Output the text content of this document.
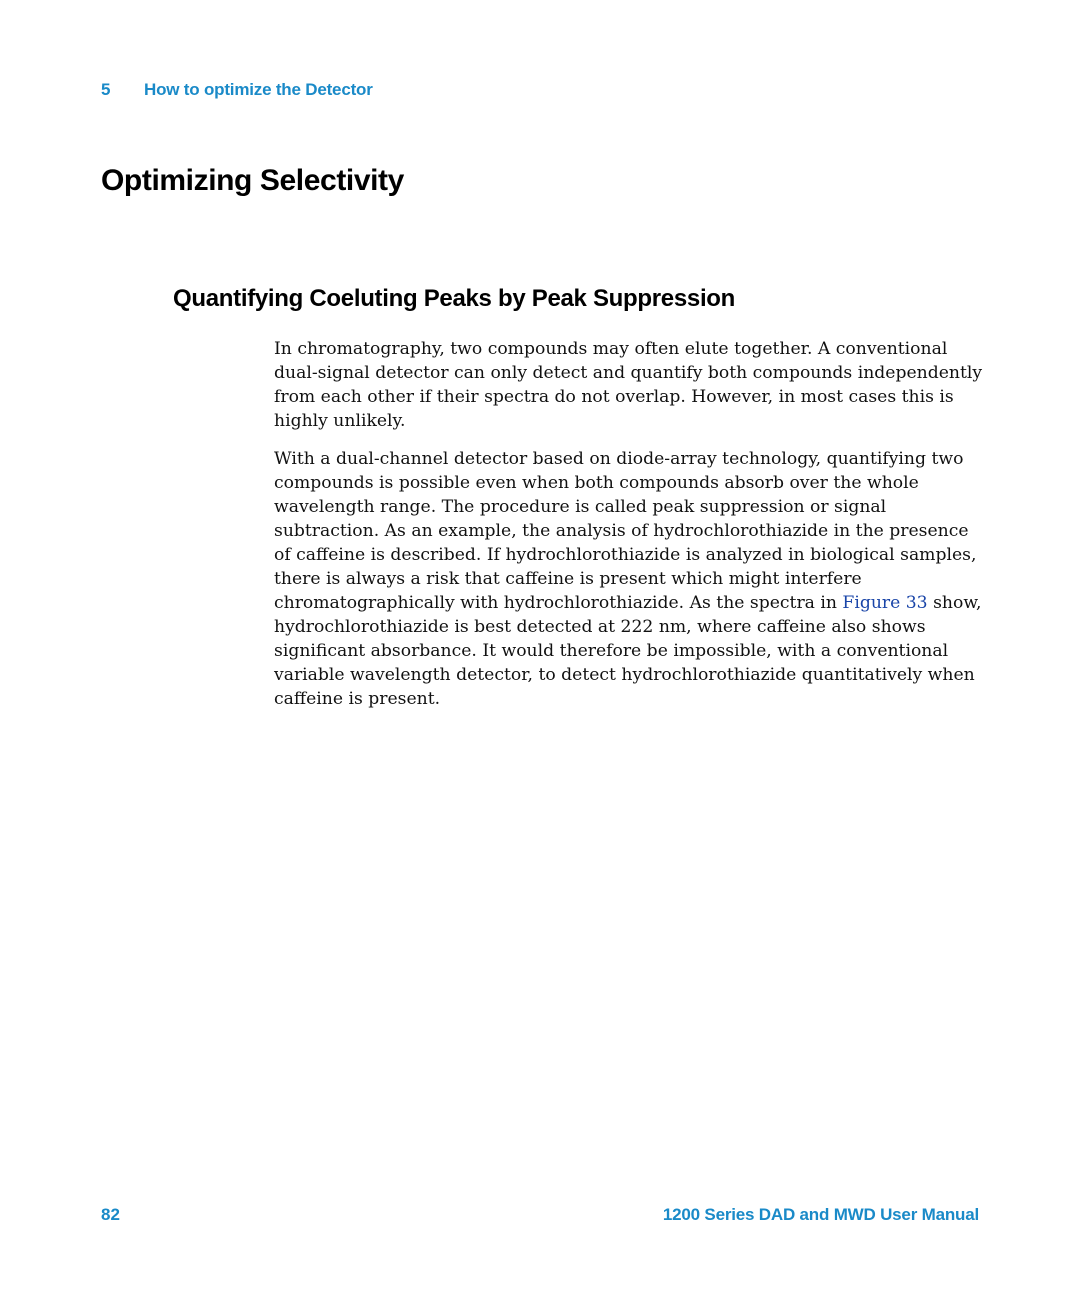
5 How to optimize the Detector
Optimizing Selectivity
Quantifying Coeluting Peaks by Peak Suppression

In chromatography, two compounds may often elute together. A conventional dual-signal detector can only detect and quantify both compounds independently from each other if their spectra do not overlap. However, in most cases this is highly unlikely.

With a dual-channel detector based on diode-array technology, quantifying two compounds is possible even when both compounds absorb over the whole wavelength range. The procedure is called peak suppression or signal subtraction. As an example, the analysis of hydrochlorothiazide in the presence of caffeine is described. If hydrochlorothiazide is analyzed in biological samples, there is always a risk that caffeine is present which might interfere chromatographically with hydrochlorothiazide. As the spectra in Figure 33 show, hydrochlorothiazide is best detected at 222 nm, where caffeine also shows significant absorbance. It would therefore be impossible, with a conventional variable wavelength detector, to detect hydrochlorothiazide quantitatively when caffeine is present.

82	1200 Series DAD and MWD User Manual
